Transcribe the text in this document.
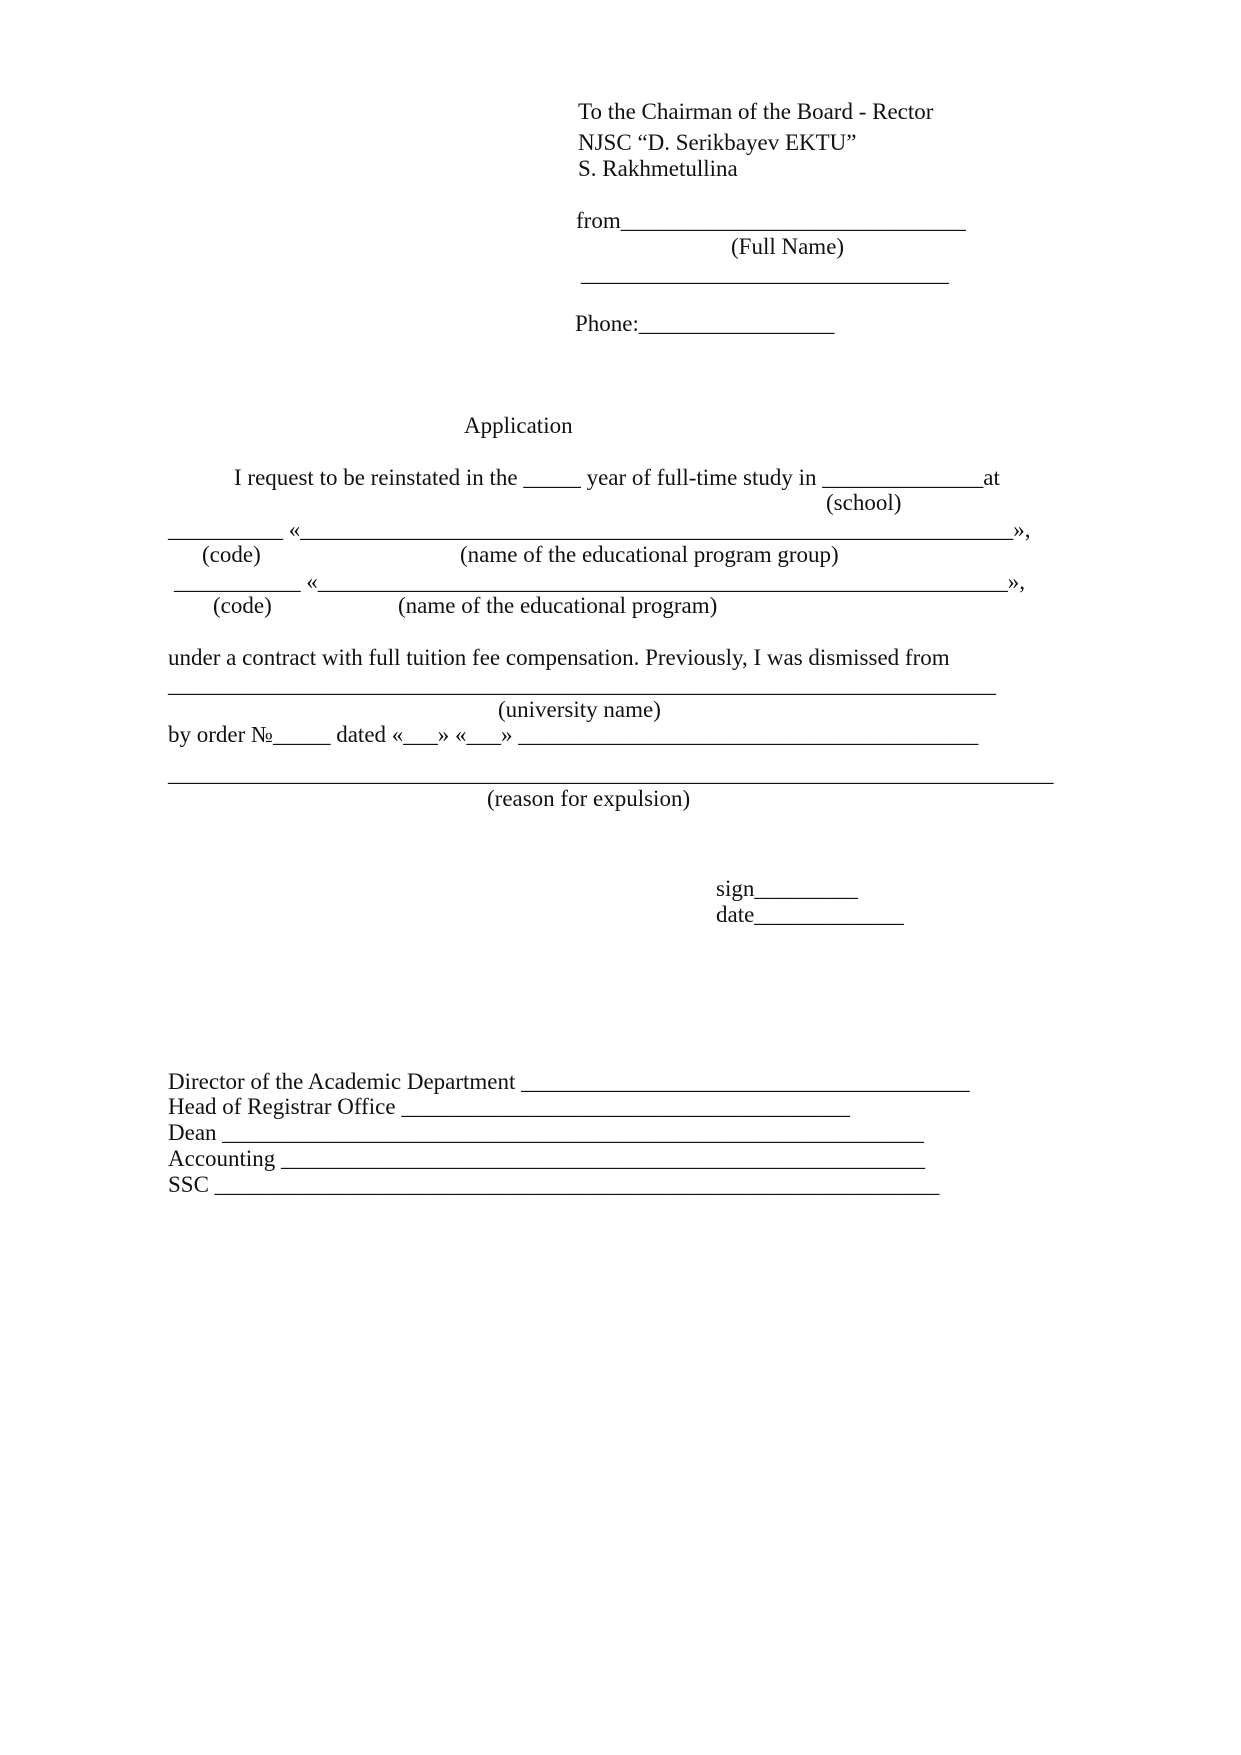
To the Chairman of the Board - Rector
NJSC “D. Serikbayev EKTU”
S. Rakhmetullina
from______________________________
(Full Name)
________________________________
Phone:_________________
Application
I request to be reinstated in the _____ year of full-time study in ______________at
(school)
__________ «______________________________________________________________»,
(code)	(name of the educational program group)
___________ «____________________________________________________________»,
(code)	(name of the educational program)
under a contract with full tuition fee compensation. Previously, I was dismissed from
________________________________________________________________________
(university name)
by order №_____ dated «___» «___» ________________________________________
_____________________________________________________________________________
(reason for expulsion)
sign_________
date_____________
Director of the Academic Department _______________________________________
Head of Registrar Office _______________________________________
Dean _____________________________________________________________
Accounting ________________________________________________________
SSC _______________________________________________________________
